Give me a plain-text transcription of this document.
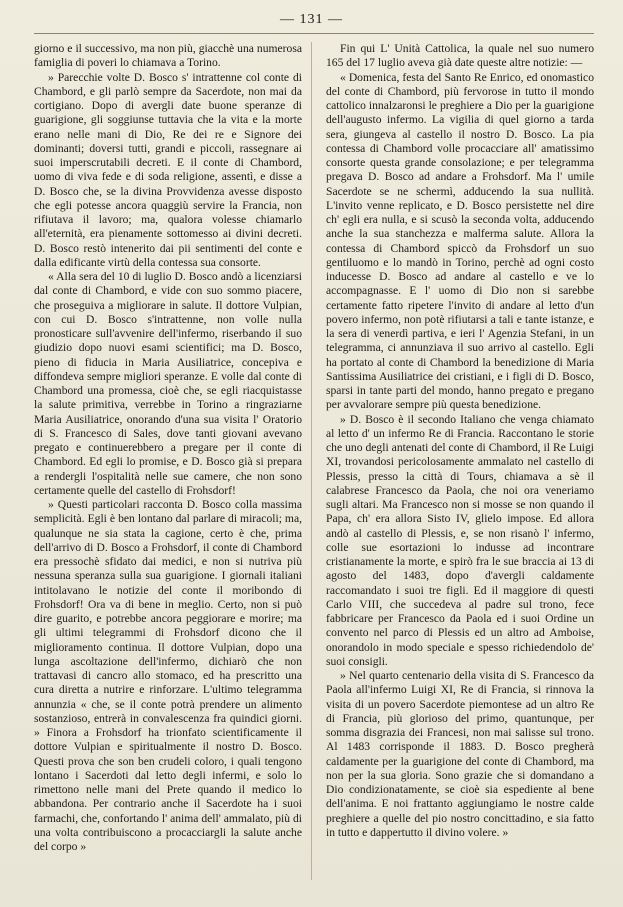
— 131 —

giorno e il successivo, ma non più, giacchè una numerosa famiglia di poveri lo chiamava a Torino.

» Parecchie volte D. Bosco s' intrattenne col conte di Chambord, e gli parlò sempre da Sacerdote, non mai da cortigiano. Dopo di avergli date buone speranze di guarigione, gli soggiunse tuttavia che la vita e la morte erano nelle mani di Dio, Re dei re e Signore dei dominanti; doversi tutti, grandi e piccoli, rassegnare ai suoi imperscrutabili decreti. E il conte di Chambord, uomo di viva fede e di soda religione, assentì, e disse a D. Bosco che, se la divina Provvidenza avesse disposto che egli potesse ancora quaggiù servire la Francia, non rifiutava il lavoro; ma, qualora volesse chiamarlo all'eternità, era pienamente sottomesso ai divini decreti. D. Bosco restò intenerito dai pii sentimenti del conte e dalla edificante virtù della contessa sua consorte.

« Alla sera del 10 di luglio D. Bosco andò a licenziarsi dal conte di Chambord, e vide con suo sommo piacere, che proseguiva a migliorare in salute. Il dottore Vulpian, con cui D. Bosco s'intrattenne, non volle nulla pronosticare sull'avvenire dell'infermo, riserbando il suo giudizio dopo nuovi esami scientifici; ma D. Bosco, pieno di fiducia in Maria Ausiliatrice, concepiva e diffondeva sempre migliori speranze. E volle dal conte di Chambord una promessa, cioè che, se egli riacquistasse la salute primitiva, verrebbe in Torino a ringraziarne Maria Ausiliatrice, onorando d'una sua visita l' Oratorio di S. Francesco di Sales, dove tanti giovani avevano pregato e continuerebbero a pregare per il conte di Chambord. Ed egli lo promise, e D. Bosco già si prepara a rendergli l'ospitalità nelle sue camere, che non sono certamente quelle del castello di Frohsdorf!

» Questi particolari racconta D. Bosco colla massima semplicità. Egli è ben lontano dal parlare di miracoli; ma, qualunque ne sia stata la cagione, certo è che, prima dell'arrivo di D. Bosco a Frohsdorf, il conte di Chambord era pressochè sfidato dai medici, e non si nutriva più nessuna speranza sulla sua guarigione. I giornali italiani intitolavano le notizie del conte il moribondo di Frohsdorf! Ora va di bene in meglio. Certo, non si può dire guarito, e potrebbe ancora peggiorare e morire; ma gli ultimi telegrammi di Frohsdorf dicono che il miglioramento continua. Il dottore Vulpian, dopo una lunga ascoltazione dell'infermo, dichiarò che non trattavasi di cancro allo stomaco, ed ha prescritto una cura diretta a nutrire e rinforzare. L'ultimo telegramma annunzia « che, se il conte potrà prendere un alimento sostanzioso, entrerà in convalescenza fra quindici giorni. » Finora a Frohsdorf ha trionfato scientificamente il dottore Vulpian e spiritualmente il nostro D. Bosco. Questi prova che son ben crudeli coloro, i quali tengono lontano i Sacerdoti dal letto degli infermi, e solo lo rimettono nelle mani del Prete quando il medico lo abbandona. Per contrario anche il Sacerdote ha i suoi farmachi, che, confortando l' anima dell' ammalato, più di una volta contribuiscono a procacciargli la salute anche del corpo »

Fin qui L' Unità Cattolica, la quale nel suo numero 165 del 17 luglio aveva già date queste altre notizie: —

« Domenica, festa del Santo Re Enrico, ed onomastico del conte di Chambord, più fervorose in tutto il mondo cattolico innalzaronsi le preghiere a Dio per la guarigione dell'augusto infermo. La vigilia di quel giorno a tarda sera, giungeva al castello il nostro D. Bosco. La pia contessa di Chambord volle procacciare all' amatissimo consorte questa grande consolazione; e per telegramma pregava D. Bosco ad andare a Frohsdorf. Ma l' umile Sacerdote se ne schermì, adducendo la sua nullità. L'invito venne replicato, e D. Bosco persistette nel dire ch' egli era nulla, e si scusò la seconda volta, adducendo anche la sua stanchezza e malferma salute. Allora la contessa di Chambord spiccò da Frohsdorf un suo gentiluomo e lo mandò in Torino, perchè ad ogni costo inducesse D. Bosco ad andare al castello e ve lo accompagnasse. E l' uomo di Dio non si sarebbe certamente fatto ripetere l'invito di andare al letto d'un povero infermo, non potè rifiutarsi a tali e tante istanze, e la sera di venerdì partiva, e ieri l' Agenzia Stefani, in un telegramma, ci annunziava il suo arrivo al castello. Egli ha portato al conte di Chambord la benedizione di Maria Santissima Ausiliatrice dei cristiani, e i figli di D. Bosco, sparsi in tante parti del mondo, hanno pregato e pregano per avvalorare sempre più questa benedizione.

» D. Bosco è il secondo Italiano che venga chiamato al letto d' un infermo Re di Francia. Raccontano le storie che uno degli antenati del conte di Chambord, il Re Luigi XI, trovandosi pericolosamente ammalato nel castello di Plessis, presso la città di Tours, chiamava a sè il calabrese Francesco da Paola, che noi ora veneriamo sugli altari. Ma Francesco non si mosse se non quando il Papa, ch' era allora Sisto IV, glielo impose. Ed allora andò al castello di Plessis, e, se non risanò l' infermo, colle sue esortazioni lo indusse ad incontrare cristianamente la morte, e spirò fra le sue braccia ai 13 di agosto del 1483, dopo d'avergli caldamente raccomandato i suoi tre figli. Ed il maggiore di questi Carlo VIII, che succedeva al padre sul trono, fece fabbricare per Francesco da Paola ed i suoi Ordine un convento nel parco di Plessis ed un altro ad Amboise, onorandolo in modo speciale e spesso richiedendolo de' suoi consigli.

» Nel quarto centenario della visita di S. Francesco da Paola all'infermo Luigi XI, Re di Francia, si rinnova la visita di un povero Sacerdote piemontese ad un altro Re di Francia, più glorioso del primo, quantunque, per somma disgrazia dei Francesi, non mai salisse sul trono. Al 1483 corrisponde il 1883. D. Bosco pregherà caldamente per la guarigione del conte di Chambord, ma non per la sua gloria. Sono grazie che si domandano a Dio condizionatamente, se cioè sia espediente al bene dell'anima. E noi frattanto aggiungiamo le nostre calde preghiere a quelle del pio nostro concittadino, e sia fatto in tutto e dappertutto il divino volere. »
